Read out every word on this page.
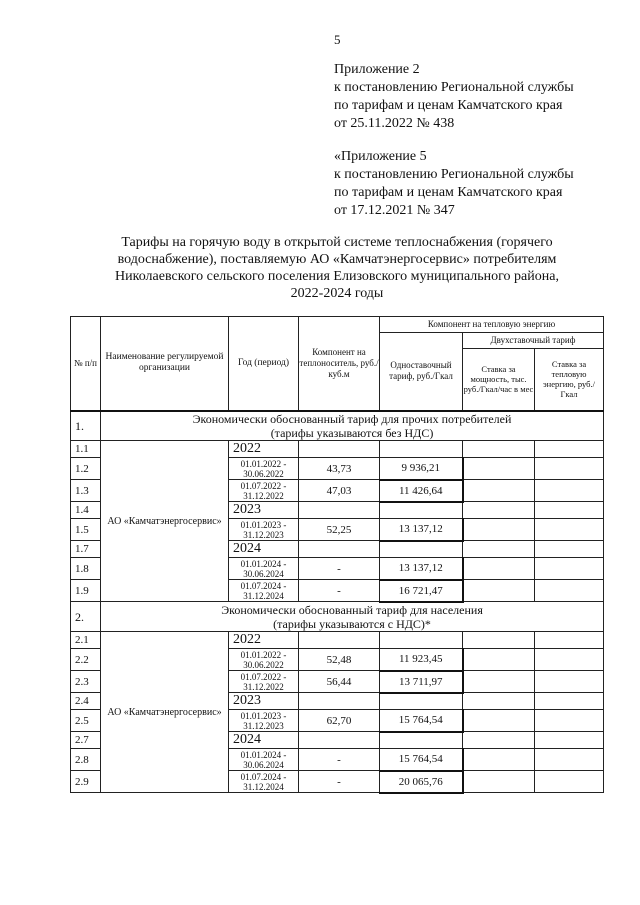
5
Приложение 2
к постановлению Региональной службы
по тарифам и ценам Камчатского края
от 25.11.2022 № 438
«Приложение 5
к постановлению Региональной службы
по тарифам и ценам Камчатского края
от 17.12.2021 № 347
Тарифы на горячую воду в открытой системе теплоснабжения (горячего
водоснабжение), поставляемую АО «Камчатэнергосервис» потребителям
Николаевского сельского поселения Елизовского муниципального района,
2022-2024 годы
№ п/п	Наименование регулируемой организации	Год (период)	Компонент на теплоноситель, руб./куб.м	Компонент на тепловую энергию		
				Одноставочный тариф, руб./Гкал	Двухставочный тариф	
					Ставка за мощность, тыс. руб./Гкал/час в мес	Ставка за тепловую энергию, руб./Гкал
1.	Экономически обоснованный тариф для прочих потребителей
(тарифы указываются без НДС)					

1.1	АО «Камчатэнергосервис»	2022				
1.2		01.01.2022 - 30.06.2022	43,73	9 936,21		
1.3		01.07.2022 - 31.12.2022	47,03	11 426,64		
1.4		2023				
1.5		01.01.2023 - 31.12.2023	52,25	13 137,12		
1.7		2024				
1.8		01.01.2024 - 30.06.2024	-	13 137,12		
1.9		01.07.2024 - 31.12.2024	-	16 721,47		
2.	Экономически обоснованный тариф для населения
(тарифы указываются с НДС)*					

2.1	АО «Камчатэнергосервис»	2022				
2.2		01.01.2022 - 30.06.2022	52,48	11 923,45		
2.3		01.07.2022 - 31.12.2022	56,44	13 711,97		
2.4		2023				
2.5		01.01.2023 - 31.12.2023	62,70	15 764,54		
2.7		2024				
2.8		01.01.2024 - 30.06.2024	-	15 764,54		
2.9		01.07.2024 - 31.12.2024	-	20 065,76		
